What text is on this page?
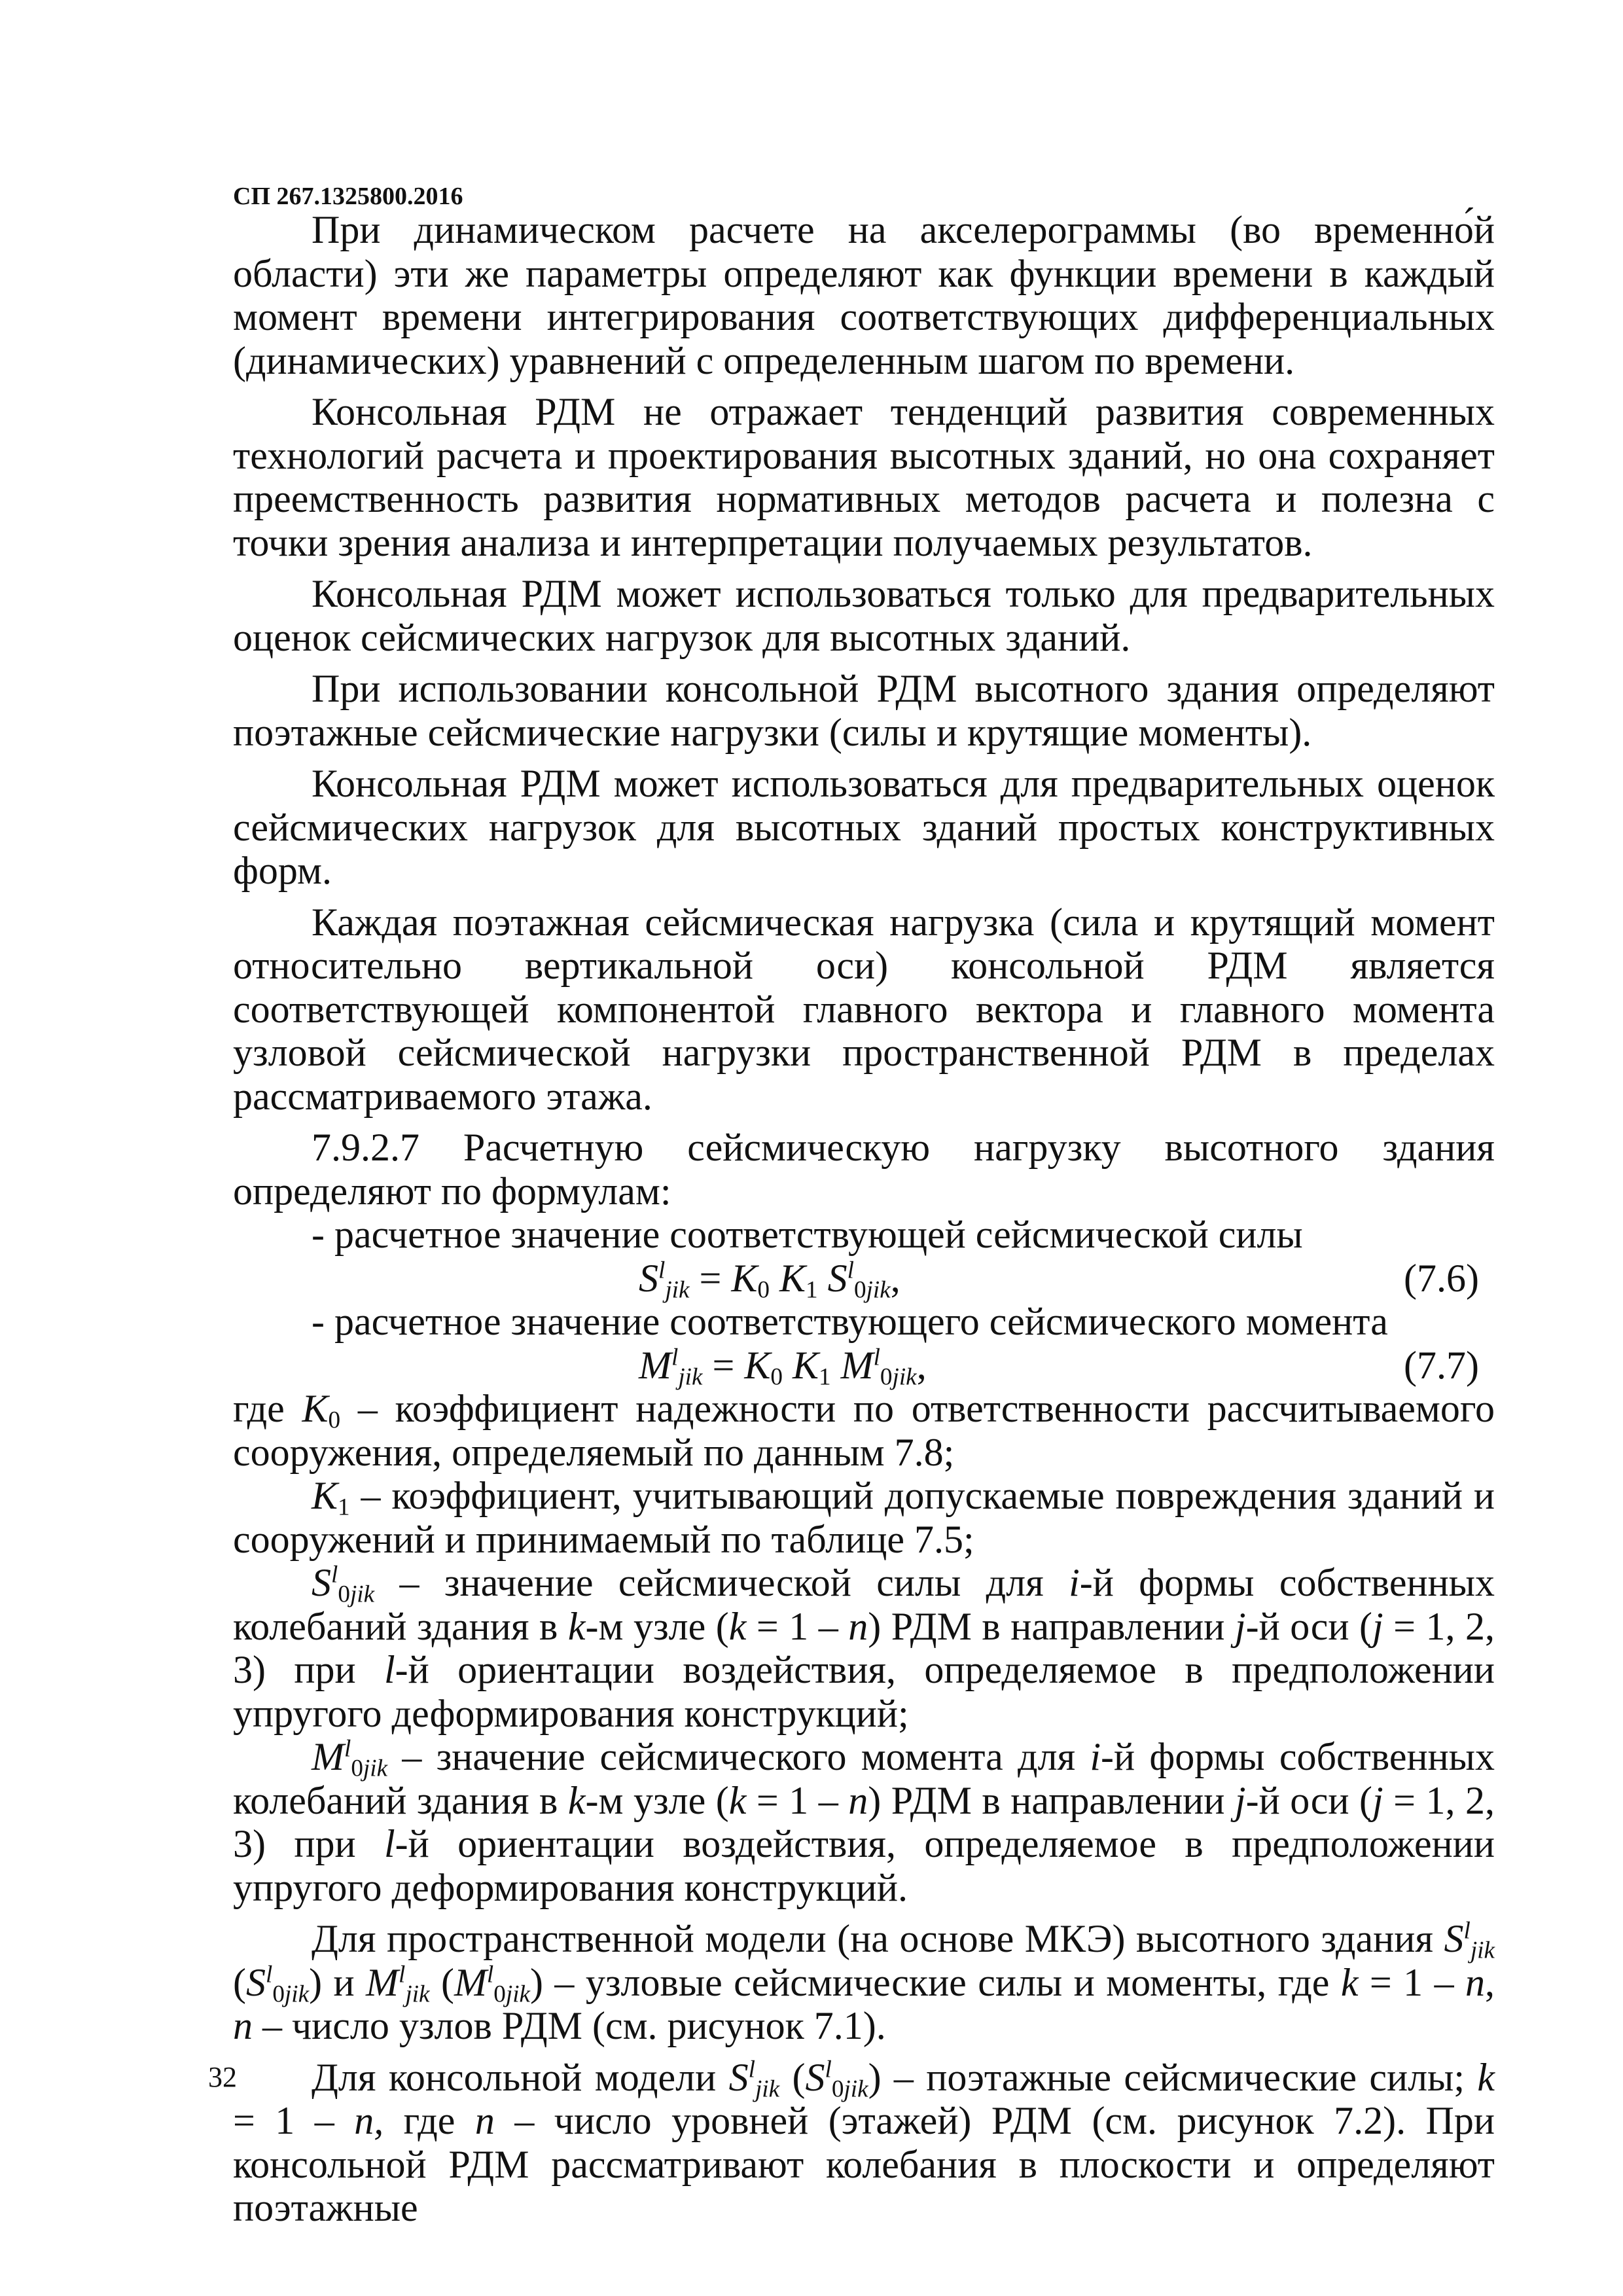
СП 267.1325800.2016

При динамическом расчете на акселерограммы (во временно́й области) эти же параметры определяют как функции времени в каждый момент времени интегрирования соответствующих дифференциальных (динамических) уравнений с определенным шагом по времени.

Консольная РДМ не отражает тенденций развития современных технологий расчета и проектирования высотных зданий, но она сохраняет преемственность развития нормативных методов расчета и полезна с точки зрения анализа и интерпретации получаемых результатов.

Консольная РДМ может использоваться только для предварительных оценок сейсмических нагрузок для высотных зданий.

При использовании консольной РДМ высотного здания определяют поэтажные сейсмические нагрузки (силы и крутящие моменты).

Консольная РДМ может использоваться для предварительных оценок сейсмических нагрузок для высотных зданий простых конструктивных форм.

Каждая поэтажная сейсмическая нагрузка (сила и крутящий момент относительно вертикальной оси) консольной РДМ является соответствующей компонентой главного вектора и главного момента узловой сейсмической нагрузки пространственной РДМ в пределах рассматриваемого этажа.

7.9.2.7 Расчетную сейсмическую нагрузку высотного здания определяют по формулам:

- расчетное значение соответствующей сейсмической силы

$S^l_{jik} = K_0$ $K_1$ $S^l_{0jik}$,	(7.6)

- расчетное значение соответствующего сейсмического момента

$M^l_{jik} = K_0$ $K_1$ $M^l_{0jik}$,	(7.7)

где $K_0$ – коэффициент надежности по ответственности рассчитываемого сооружения, определяемый по данным 7.8;

$K_1$ – коэффициент, учитывающий допускаемые повреждения зданий и сооружений и принимаемый по таблице 7.5;

$S^l_{0jik}$ – значение сейсмической силы для i-й формы собственных колебаний здания в k-м узле (k = 1 – n) РДМ в направлении j-й оси (j = 1, 2, 3) при l-й ориентации воздействия, определяемое в предположении упругого деформирования конструкций;

$M^l_{0jik}$ – значение сейсмического момента для i-й формы собственных колебаний здания в k-м узле (k = 1 – n) РДМ в направлении j-й оси (j = 1, 2, 3) при l-й ориентации воздействия, определяемое в предположении упругого деформирования конструкций.

Для пространственной модели (на основе МКЭ) высотного здания $S^l_{jik}$ $(S^l_{0jik})$ и $M^l_{jik}$ $(M^l_{0jik})$ – узловые сейсмические силы и моменты, где k = 1 – n, n – число узлов РДМ (см. рисунок 7.1).

Для консольной модели $S^l_{jik}$ $(S^l_{0jik})$ – поэтажные сейсмические силы; k = 1 – n, где n – число уровней (этажей) РДМ (см. рисунок 7.2). При консольной РДМ рассматривают колебания в плоскости и определяют поэтажные

32
